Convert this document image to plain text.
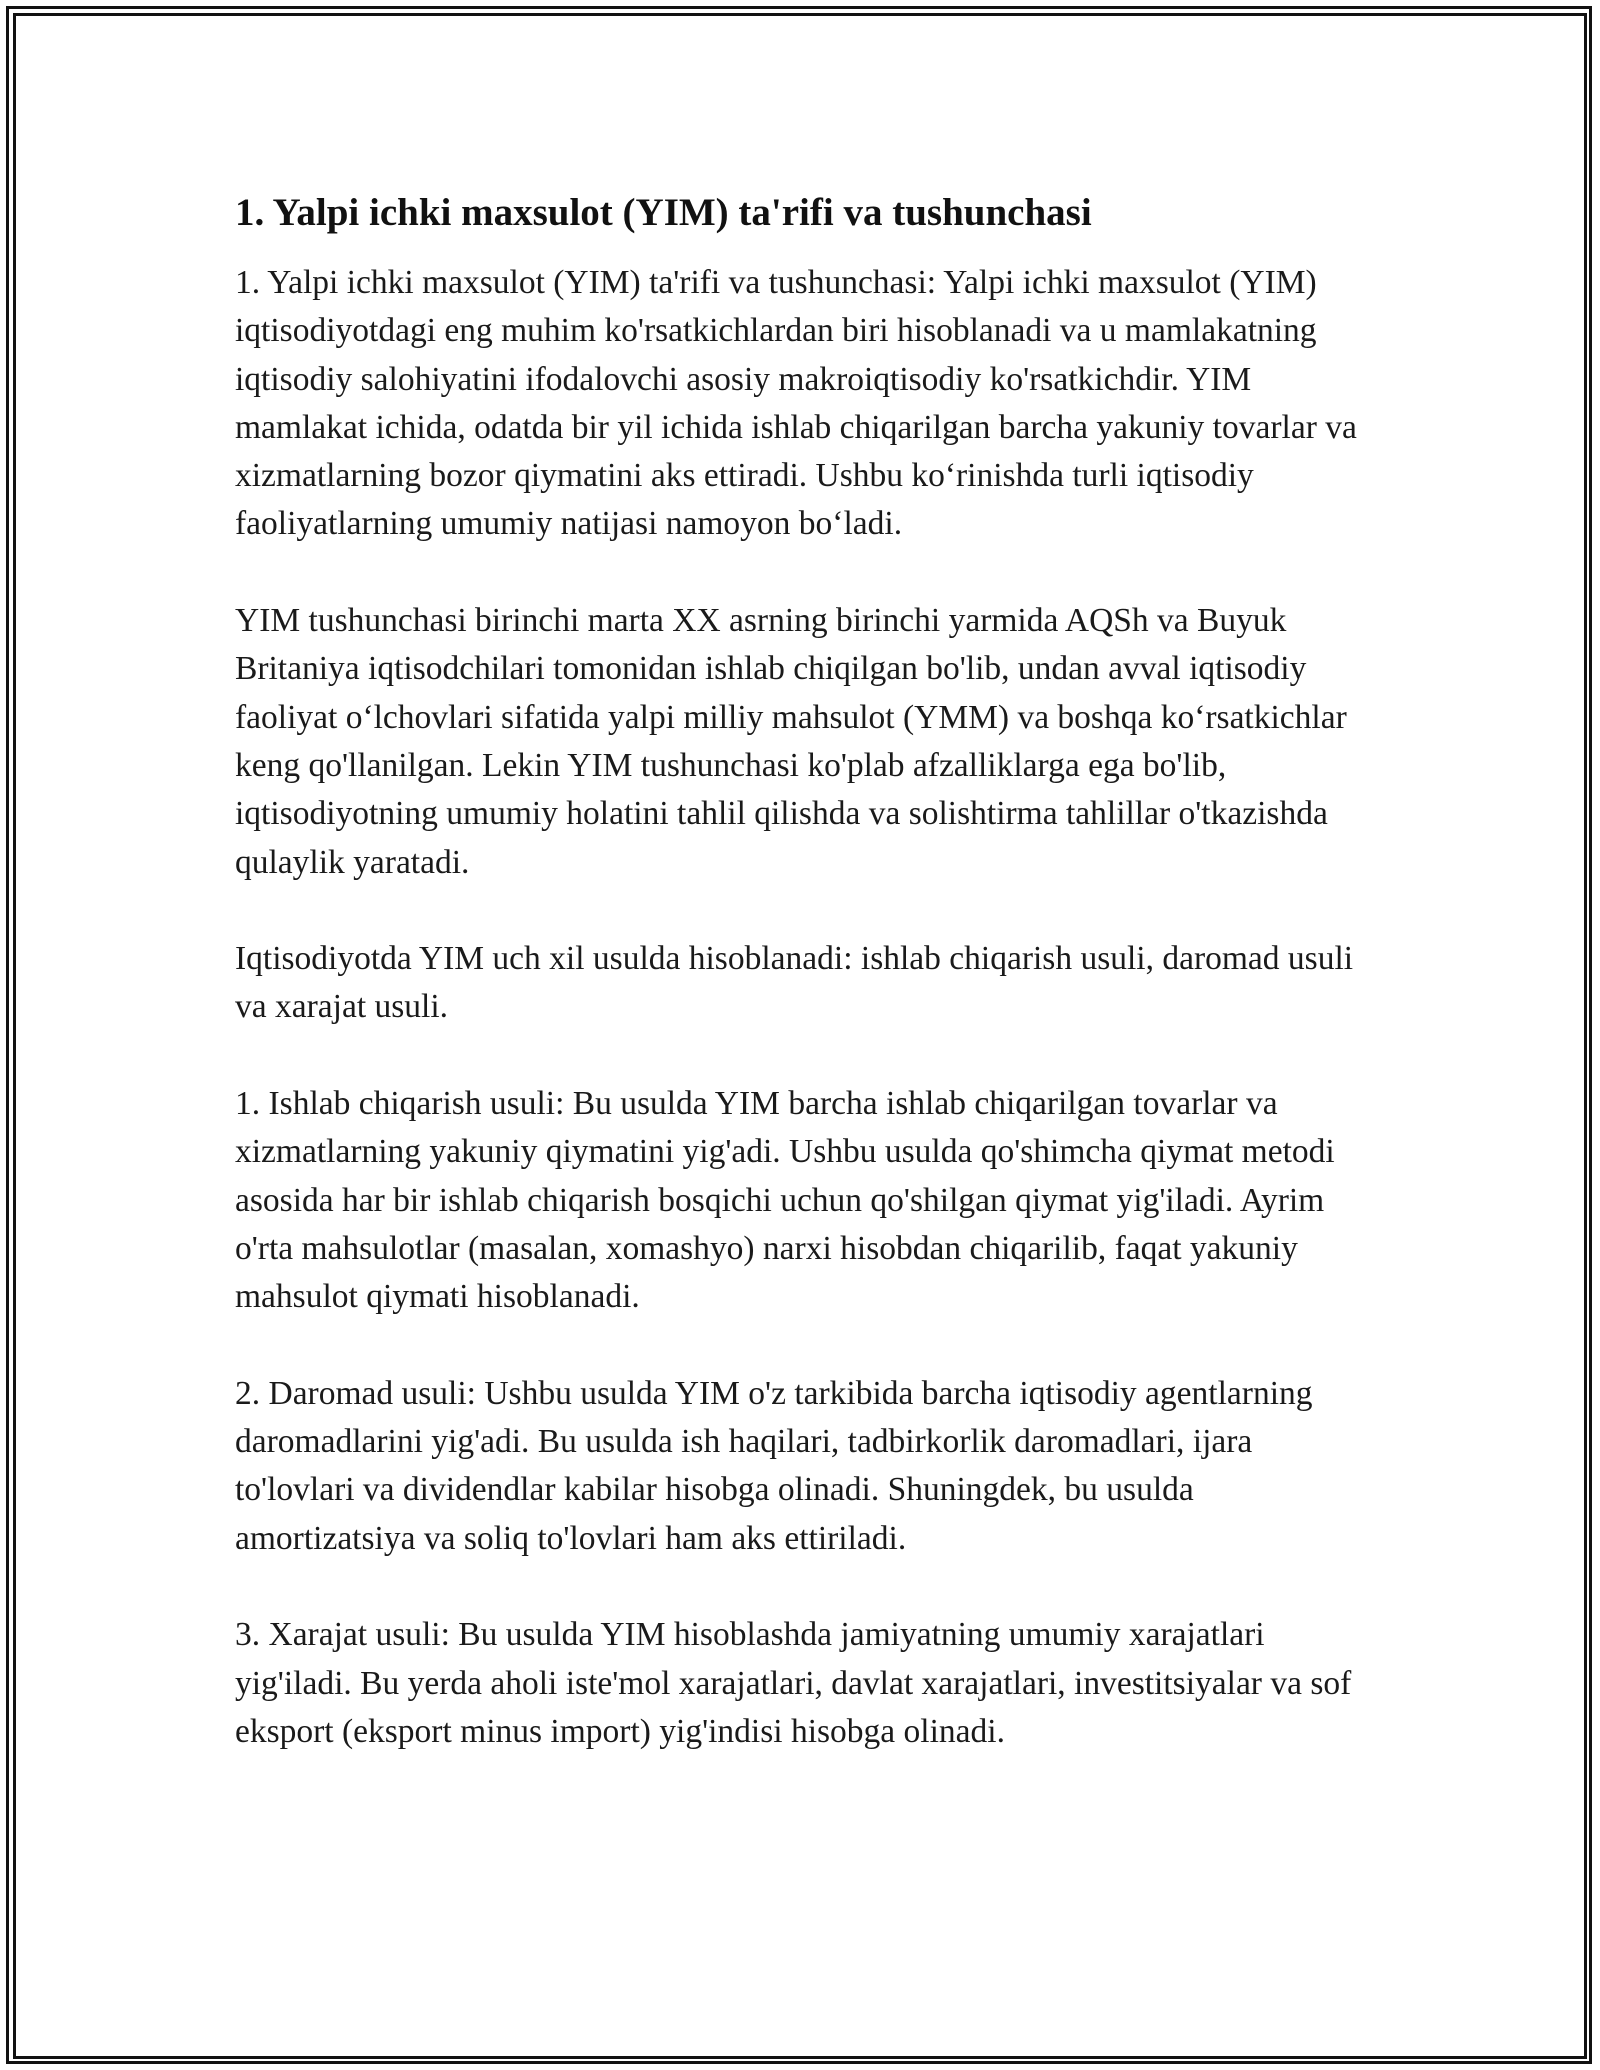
1. Yalpi ichki maxsulot (YIM) ta'rifi va tushunchasi

1. Yalpi ichki maxsulot (YIM) ta'rifi va tushunchasi: Yalpi ichki maxsulot (YIM) iqtisodiyotdagi eng muhim ko'rsatkichlardan biri hisoblanadi va u mamlakatning iqtisodiy salohiyatini ifodalovchi asosiy makroiqtisodiy ko'rsatkichdir. YIM mamlakat ichida, odatda bir yil ichida ishlab chiqarilgan barcha yakuniy tovarlar va xizmatlarning bozor qiymatini aks ettiradi. Ushbu ko‘rinishda turli iqtisodiy faoliyatlarning umumiy natijasi namoyon bo‘ladi.

YIM tushunchasi birinchi marta XX asrning birinchi yarmida AQSh va Buyuk Britaniya iqtisodchilari tomonidan ishlab chiqilgan bo'lib, undan avval iqtisodiy faoliyat o‘lchovlari sifatida yalpi milliy mahsulot (YMM) va boshqa ko‘rsatkichlar keng qo'llanilgan. Lekin YIM tushunchasi ko'plab afzalliklarga ega bo'lib, iqtisodiyotning umumiy holatini tahlil qilishda va solishtirma tahlillar o'tkazishda qulaylik yaratadi.

Iqtisodiyotda YIM uch xil usulda hisoblanadi: ishlab chiqarish usuli, daromad usuli va xarajat usuli.

1. Ishlab chiqarish usuli: Bu usulda YIM barcha ishlab chiqarilgan tovarlar va xizmatlarning yakuniy qiymatini yig'adi. Ushbu usulda qo'shimcha qiymat metodi asosida har bir ishlab chiqarish bosqichi uchun qo'shilgan qiymat yig'iladi. Ayrim o'rta mahsulotlar (masalan, xomashyo) narxi hisobdan chiqarilib, faqat yakuniy mahsulot qiymati hisoblanadi.

2. Daromad usuli: Ushbu usulda YIM o'z tarkibida barcha iqtisodiy agentlarning daromadlarini yig'adi. Bu usulda ish haqilari, tadbirkorlik daromadlari, ijara to'lovlari va dividendlar kabilar hisobga olinadi. Shuningdek, bu usulda amortizatsiya va soliq to'lovlari ham aks ettiriladi.

3. Xarajat usuli: Bu usulda YIM hisoblashda jamiyatning umumiy xarajatlari yig'iladi. Bu yerda aholi iste'mol xarajatlari, davlat xarajatlari, investitsiyalar va sof eksport (eksport minus import) yig'indisi hisobga olinadi.
